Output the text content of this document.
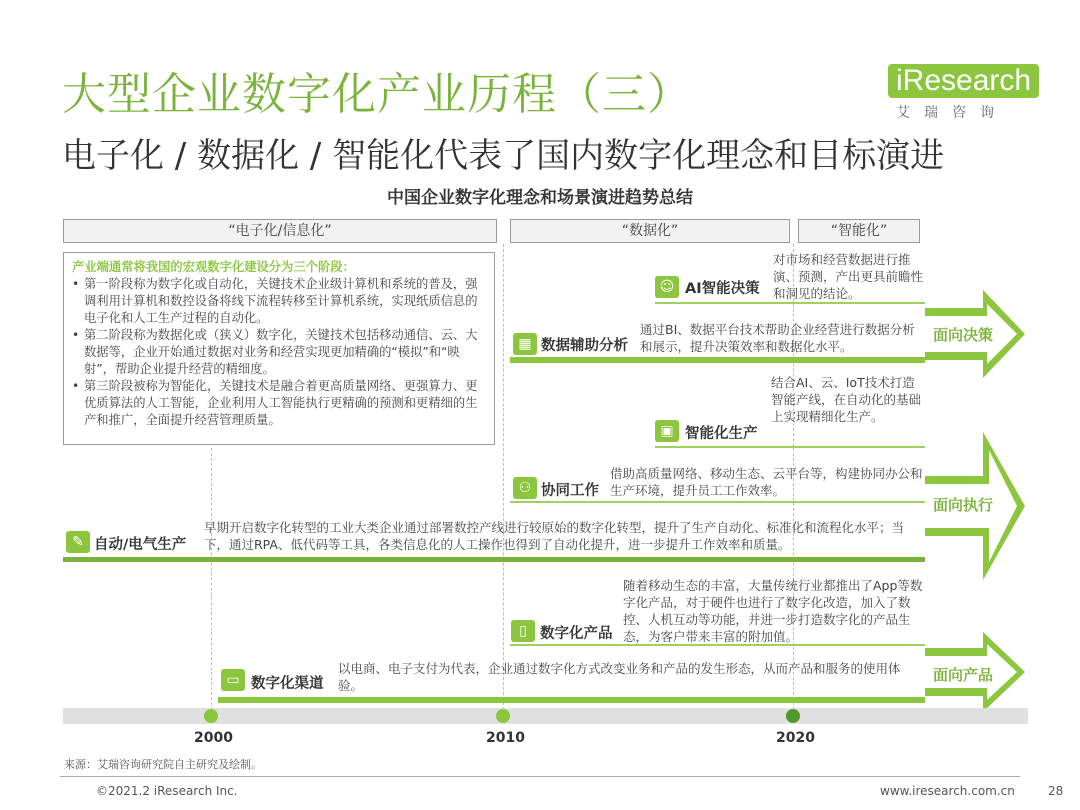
大型企业数字化产业历程（三）
电子化 / 数据化 / 智能化代表了国内数字化理念和目标演进
iResearch
艾瑞咨询
中国企业数字化理念和场景演进趋势总结
“电子化/信息化”	“数据化”	“智能化”
产业端通常将我国的宏观数字化建设分为三个阶段：
• 第一阶段称为数字化或自动化，关键技术企业级计算机和系统的普及，强调利用计算机和数控设备将线下流程转移至计算机系统，实现纸质信息的电子化和人工生产过程的自动化。
• 第二阶段称为数据化或（狭义）数字化，关键技术包括移动通信、云、大数据等，企业开始通过数据对业务和经营实现更加精确的“模拟”和“映射”，帮助企业提升经营的精细度。
• 第三阶段被称为智能化，关键技术是融合着更高质量网络、更强算力、更优质算法的人工智能，企业利用人工智能执行更精确的预测和更精细的生产和推广，全面提升经营管理质量。
☺ AI智能决策
对市场和经营数据进行推演、预测，产出更具前瞻性和洞见的结论。
▦ 数据辅助分析
通过BI、数据平台技术帮助企业经营进行数据分析和展示，提升决策效率和数据化水平。
面向决策
结合AI、云、IoT技术打造智能产线，在自动化的基础上实现精细化生产。
▣ 智能化生产
借助高质量网络、移动生态、云平台等，构建协同办公和生产环境，提升员工工作效率。
⚇ 协同工作
✎ 自动/电气生产
早期开启数字化转型的工业大类企业通过部署数控产线进行较原始的数字化转型，提升了生产自动化、标准化和流程化水平；当下，通过RPA、低代码等工具，各类信息化的人工操作也得到了自动化提升，进一步提升工作效率和质量。
面向执行
随着移动生态的丰富，大量传统行业都推出了App等数字化产品，对于硬件也进行了数字化改造，加入了数控、人机互动等功能，并进一步打造数字化的产品生态，为客户带来丰富的附加值。
▯ 数字化产品
▭ 数字化渠道
以电商、电子支付为代表，企业通过数字化方式改变业务和产品的发生形态，从而产品和服务的使用体验。
面向产品
2000	2010	2020
来源：艾瑞咨询研究院自主研究及绘制。
©2021.2 iResearch Inc.	www.iresearch.com.cn	28
